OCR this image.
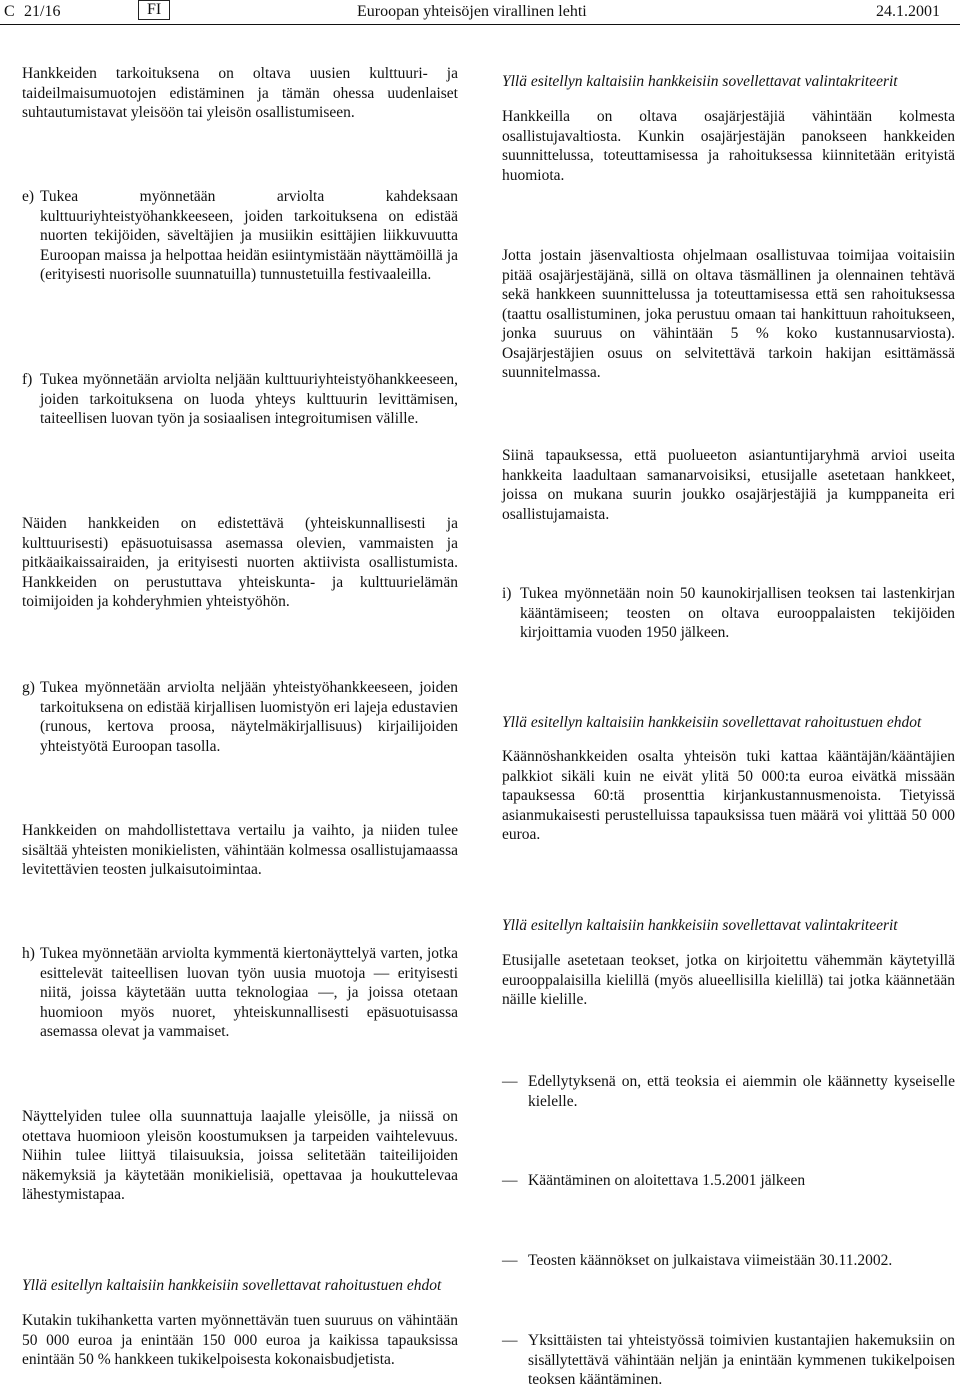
C 21/16	FI	Euroopan yhteisöjen virallinen lehti	24.1.2001

Hankkeiden tarkoituksena on oltava uusien kulttuuri- ja taideilmaisumuotojen edistäminen ja tämän ohessa uudenlaiset suhtautumistavat yleisöön tai yleisön osallistumiseen.

e) Tukea myönnetään arviolta kahdeksaan kulttuuriyhteistyöhankkeeseen, joiden tarkoituksena on edistää nuorten tekijöiden, säveltäjien ja musiikin esittäjien liikkuvuutta Euroopan maissa ja helpottaa heidän esiintymistään näyttämöillä ja (erityisesti nuorisolle suunnatuilla) tunnustetuilla festivaaleilla.
f) Tukea myönnetään arviolta neljään kulttuuriyhteistyöhankkeeseen, joiden tarkoituksena on luoda yhteys kulttuurin levittämisen, taiteellisen luovan työn ja sosiaalisen integroitumisen välille.

Näiden hankkeiden on edistettävä (yhteiskunnallisesti ja kulttuurisesti) epäsuotuisassa asemassa olevien, vammaisten ja pitkäaikaissairaiden, ja erityisesti nuorten aktiivista osallistumista. Hankkeiden on perustuttava yhteiskunta- ja kulttuurielämän toimijoiden ja kohderyhmien yhteistyöhön.

g) Tukea myönnetään arviolta neljään yhteistyöhankkeeseen, joiden tarkoituksena on edistää kirjallisen luomistyön eri lajeja edustavien (runous, kertova proosa, näytelmäkirjallisuus) kirjailijoiden yhteistyötä Euroopan tasolla.

Hankkeiden on mahdollistettava vertailu ja vaihto, ja niiden tulee sisältää yhteisten monikielisten, vähintään kolmessa osallistujamaassa levitettävien teosten julkaisutoimintaa.

h) Tukea myönnetään arviolta kymmentä kiertonäyttelyä varten, jotka esittelevät taiteellisen luovan työn uusia muotoja — erityisesti niitä, joissa käytetään uutta teknologiaa —, ja joissa otetaan huomioon myös nuoret, yhteiskunnallisesti epäsuotuisassa asemassa olevat ja vammaiset.

Näyttelyiden tulee olla suunnattuja laajalle yleisölle, ja niissä on otettava huomioon yleisön koostumuksen ja tarpeiden vaihtelevuus. Niihin tulee liittyä tilaisuuksia, joissa selitetään taiteilijoiden näkemyksiä ja käytetään monikielisiä, opettavaa ja houkuttelevaa lähestymistapaa.

Yllä esitellyn kaltaisiin hankkeisiin sovellettavat rahoitustuen ehdot

Kutakin tukihanketta varten myönnettävän tuen suuruus on vähintään 50 000 euroa ja enintään 150 000 euroa ja kaikissa tapauksissa enintään 50 % hankkeen tukikelpoisesta kokonaisbudjetista.

Yllä esitellyn kaltaisiin hankkeisiin sovellettavat valintakriteerit

Hankkeilla on oltava osajärjestäjiä vähintään kolmesta osallistujavaltiosta. Kunkin osajärjestäjän panokseen hankkeiden suunnittelussa, toteuttamisessa ja rahoituksessa kiinnitetään erityistä huomiota.

Jotta jostain jäsenvaltiosta ohjelmaan osallistuvaa toimijaa voitaisiin pitää osajärjestäjänä, sillä on oltava täsmällinen ja olennainen tehtävä sekä hankkeen suunnittelussa ja toteuttamisessa että sen rahoituksessa (taattu osallistuminen, joka perustuu omaan tai hankittuun rahoitukseen, jonka suuruus on vähintään 5 % koko kustannusarviosta). Osajärjestäjien osuus on selvitettävä tarkoin hakijan esittämässä suunnitelmassa.

Siinä tapauksessa, että puolueeton asiantuntijaryhmä arvioi useita hankkeita laadultaan samanarvoisiksi, etusijalle asetetaan hankkeet, joissa on mukana suurin joukko osajärjestäjiä ja kumppaneita eri osallistujamaista.

i) Tukea myönnetään noin 50 kaunokirjallisen teoksen tai lastenkirjan kääntämiseen; teosten on oltava eurooppalaisten tekijöiden kirjoittamia vuoden 1950 jälkeen.
Yllä esitellyn kaltaisiin hankkeisiin sovellettavat rahoitustuen ehdot

Käännöshankkeiden osalta yhteisön tuki kattaa kääntäjän/kääntäjien palkkiot sikäli kuin ne eivät ylitä 50 000:ta euroa eivätkä missään tapauksessa 60:tä prosenttia kirjankustannusmenoista. Tietyissä asianmukaisesti perustelluissa tapauksissa tuen määrä voi ylittää 50 000 euroa.

Yllä esitellyn kaltaisiin hankkeisiin sovellettavat valintakriteerit

Etusijalle asetetaan teokset, jotka on kirjoitettu vähemmän käytetyillä eurooppalaisilla kielillä (myös alueellisilla kielillä) tai jotka käännetään näille kielille.

— Edellytyksenä on, että teoksia ei aiemmin ole käännetty kyseiselle kielelle.
— Kääntäminen on aloitettava 1.5.2001 jälkeen
— Teosten käännökset on julkaistava viimeistään 30.11.2002.
— Yksittäisten tai yhteistyössä toimivien kustantajien hakemuksiin on sisällytettävä vähintään neljän ja enintään kymmenen tukikelpoisen teoksen kääntäminen.
